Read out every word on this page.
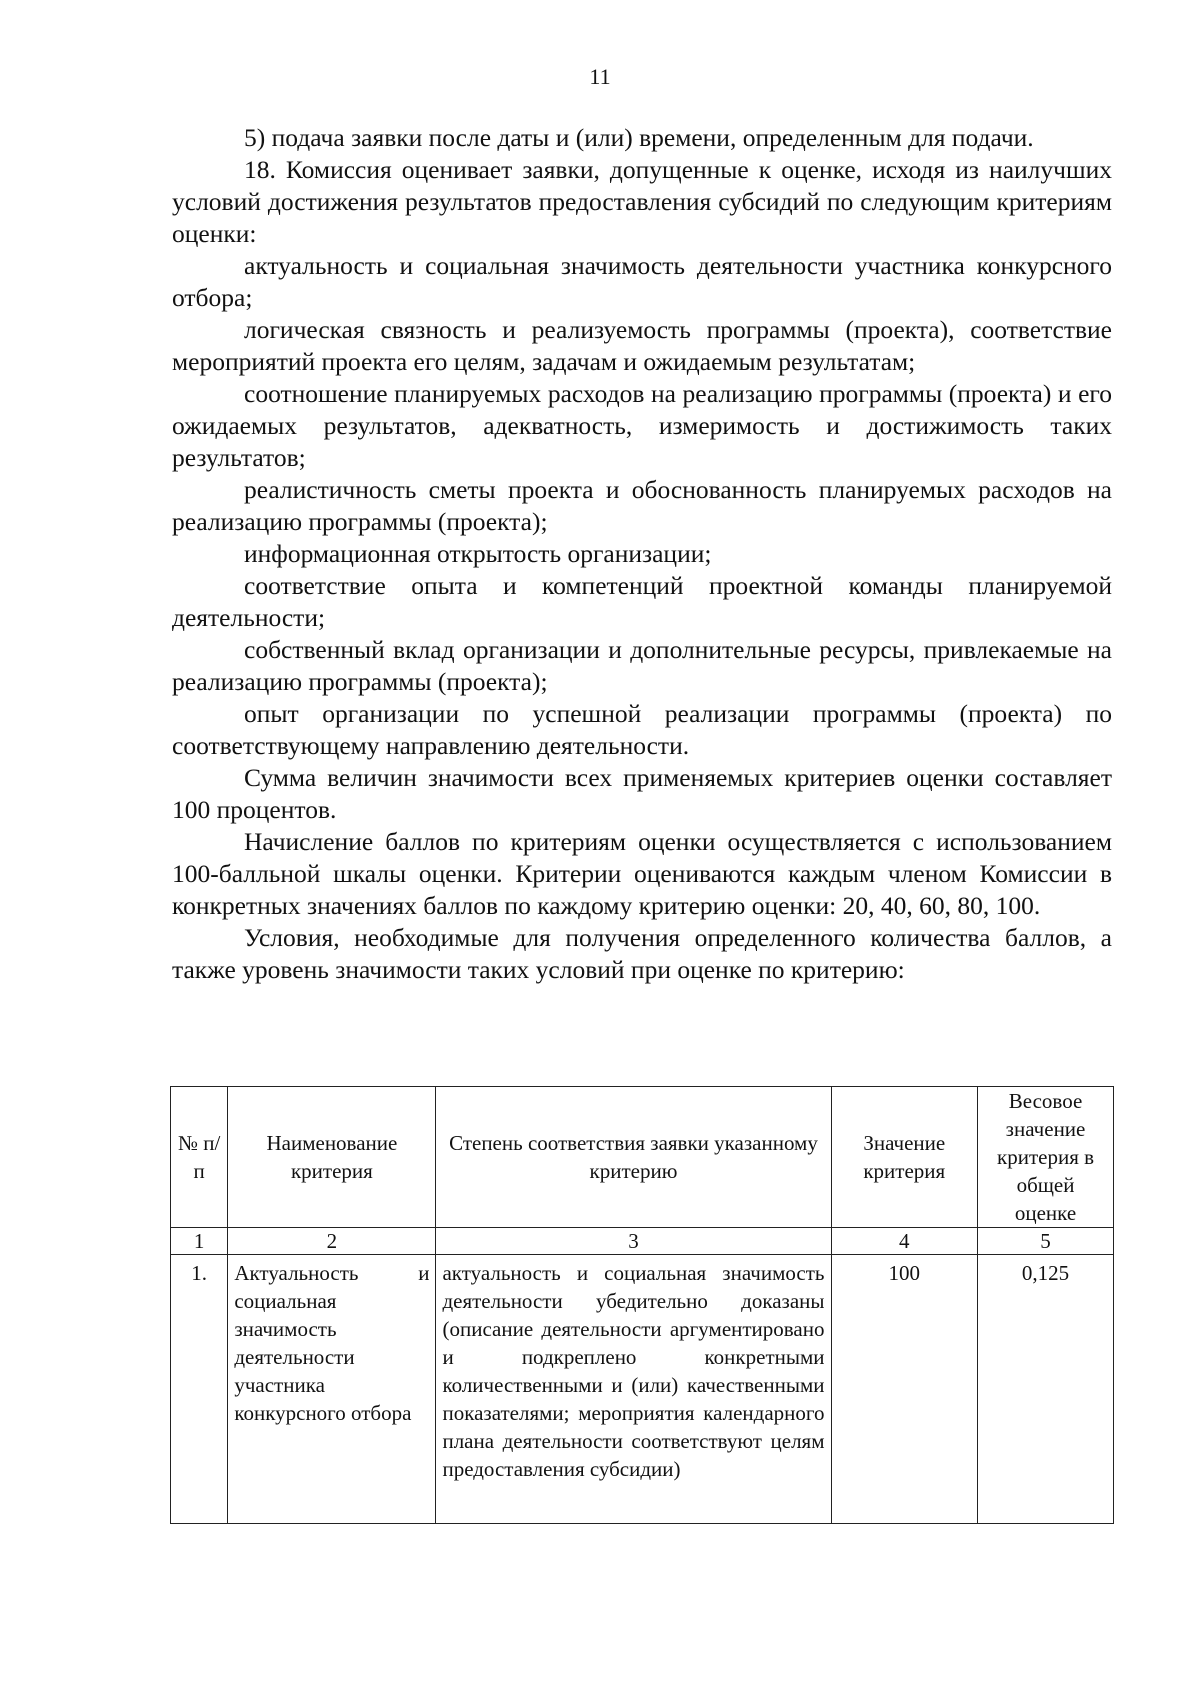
11

5) подача заявки после даты и (или) времени, определенным для подачи.

18. Комиссия оценивает заявки, допущенные к оценке, исходя из наилучших условий достижения результатов предоставления субсидий по следующим критериям оценки:

актуальность и социальная значимость деятельности участника конкурсного отбора;

логическая связность и реализуемость программы (проекта), соответствие мероприятий проекта его целям, задачам и ожидаемым результатам;

соотношение планируемых расходов на реализацию программы (проекта) и его ожидаемых результатов, адекватность, измеримость и достижимость таких результатов;

реалистичность сметы проекта и обоснованность планируемых расходов на реализацию программы (проекта);

информационная открытость организации;

соответствие опыта и компетенций проектной команды планируемой деятельности;

собственный вклад организации и дополнительные ресурсы, привлекаемые на реализацию программы (проекта);

опыт организации по успешной реализации программы (проекта) по соответствующему направлению деятельности.

Сумма величин значимости всех применяемых критериев оценки составляет 100 процентов.

Начисление баллов по критериям оценки осуществляется с использованием 100-балльной шкалы оценки. Критерии оцениваются каждым членом Комиссии в конкретных значениях баллов по каждому критерию оценки: 20, 40, 60, 80, 100.

Условия, необходимые для получения определенного количества баллов, а также уровень значимости таких условий при оценке по критерию:

№ п/п	Наименование критерия	Степень соответствия заявки указанному критерию	Значение критерия	Весовое значение критерия в общей оценке
1	2	3	4	5
1.	Актуальность и социальная значимость деятельности участника конкурсного отбора	актуальность и социальная значимость деятельности убедительно доказаны (описание деятельности аргументировано и подкреплено конкретными количественными и (или) качественными показателями; мероприятия календарного плана деятельности соответствуют целям предоставления субсидии)	100	0,125
